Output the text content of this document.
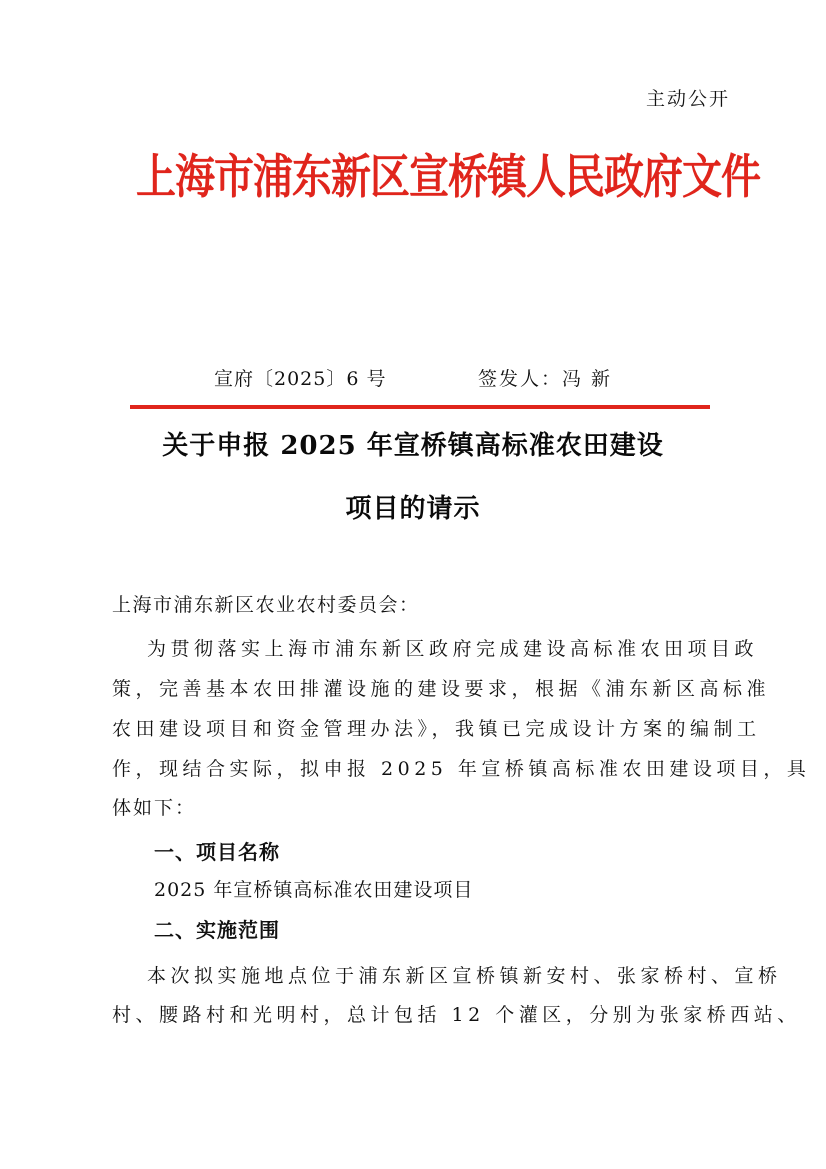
主动公开
上海市浦东新区宣桥镇人民政府文件
宣府〔2025〕6 号	签发人：冯 新
关于申报 2025 年宣桥镇高标准农田建设
项目的请示
上海市浦东新区农业农村委员会：
为贯彻落实上海市浦东新区政府完成建设高标准农田项目政
策，完善基本农田排灌设施的建设要求，根据《浦东新区高标准
农田建设项目和资金管理办法》，我镇已完成设计方案的编制工
作，现结合实际，拟申报 2025 年宣桥镇高标准农田建设项目，具
体如下：
一、项目名称
2025 年宣桥镇高标准农田建设项目
二、实施范围
本次拟实施地点位于浦东新区宣桥镇新安村、张家桥村、宣桥
村、腰路村和光明村，总计包括 12 个灌区，分别为张家桥西站、
